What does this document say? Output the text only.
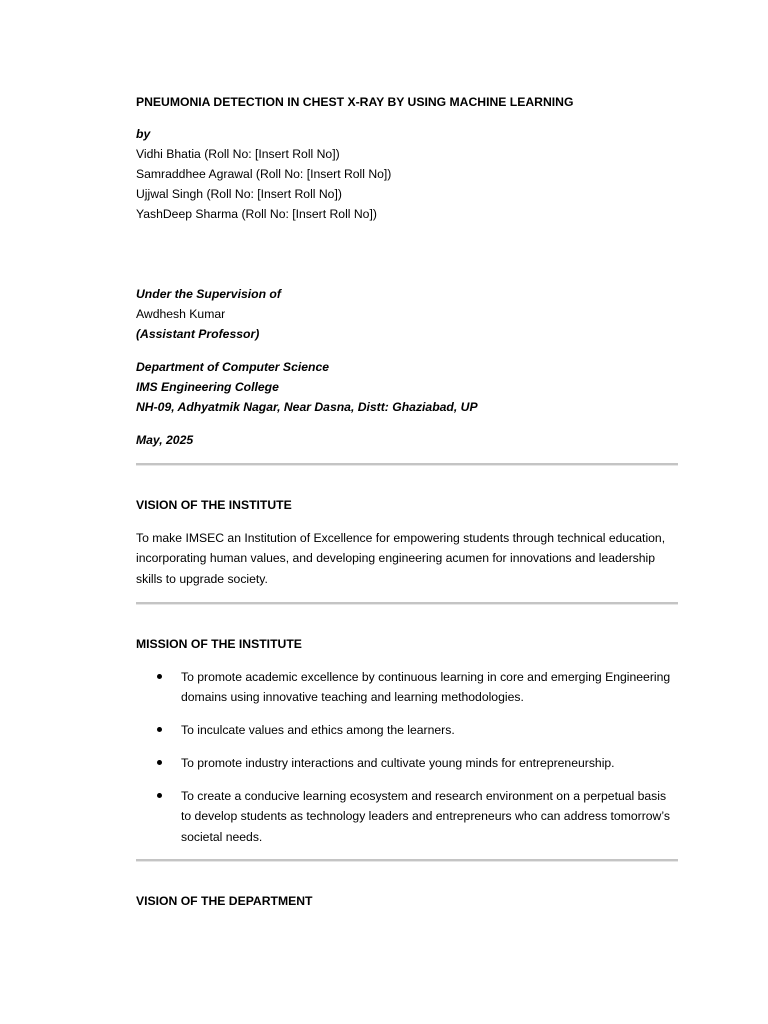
PNEUMONIA DETECTION IN CHEST X-RAY BY USING MACHINE LEARNING
by
Vidhi Bhatia (Roll No: [Insert Roll No])
Samraddhee Agrawal (Roll No: [Insert Roll No])
Ujjwal Singh (Roll No: [Insert Roll No])
YashDeep Sharma (Roll No: [Insert Roll No])
Under the Supervision of
Awdhesh Kumar
(Assistant Professor)
Department of Computer Science
IMS Engineering College
NH-09, Adhyatmik Nagar, Near Dasna, Distt: Ghaziabad, UP
May, 2025
VISION OF THE INSTITUTE
To make IMSEC an Institution of Excellence for empowering students through technical education, incorporating human values, and developing engineering acumen for innovations and leadership skills to upgrade society.
MISSION OF THE INSTITUTE
To promote academic excellence by continuous learning in core and emerging Engineering domains using innovative teaching and learning methodologies.
To inculcate values and ethics among the learners.
To promote industry interactions and cultivate young minds for entrepreneurship.
To create a conducive learning ecosystem and research environment on a perpetual basis to develop students as technology leaders and entrepreneurs who can address tomorrow’s societal needs.
VISION OF THE DEPARTMENT
